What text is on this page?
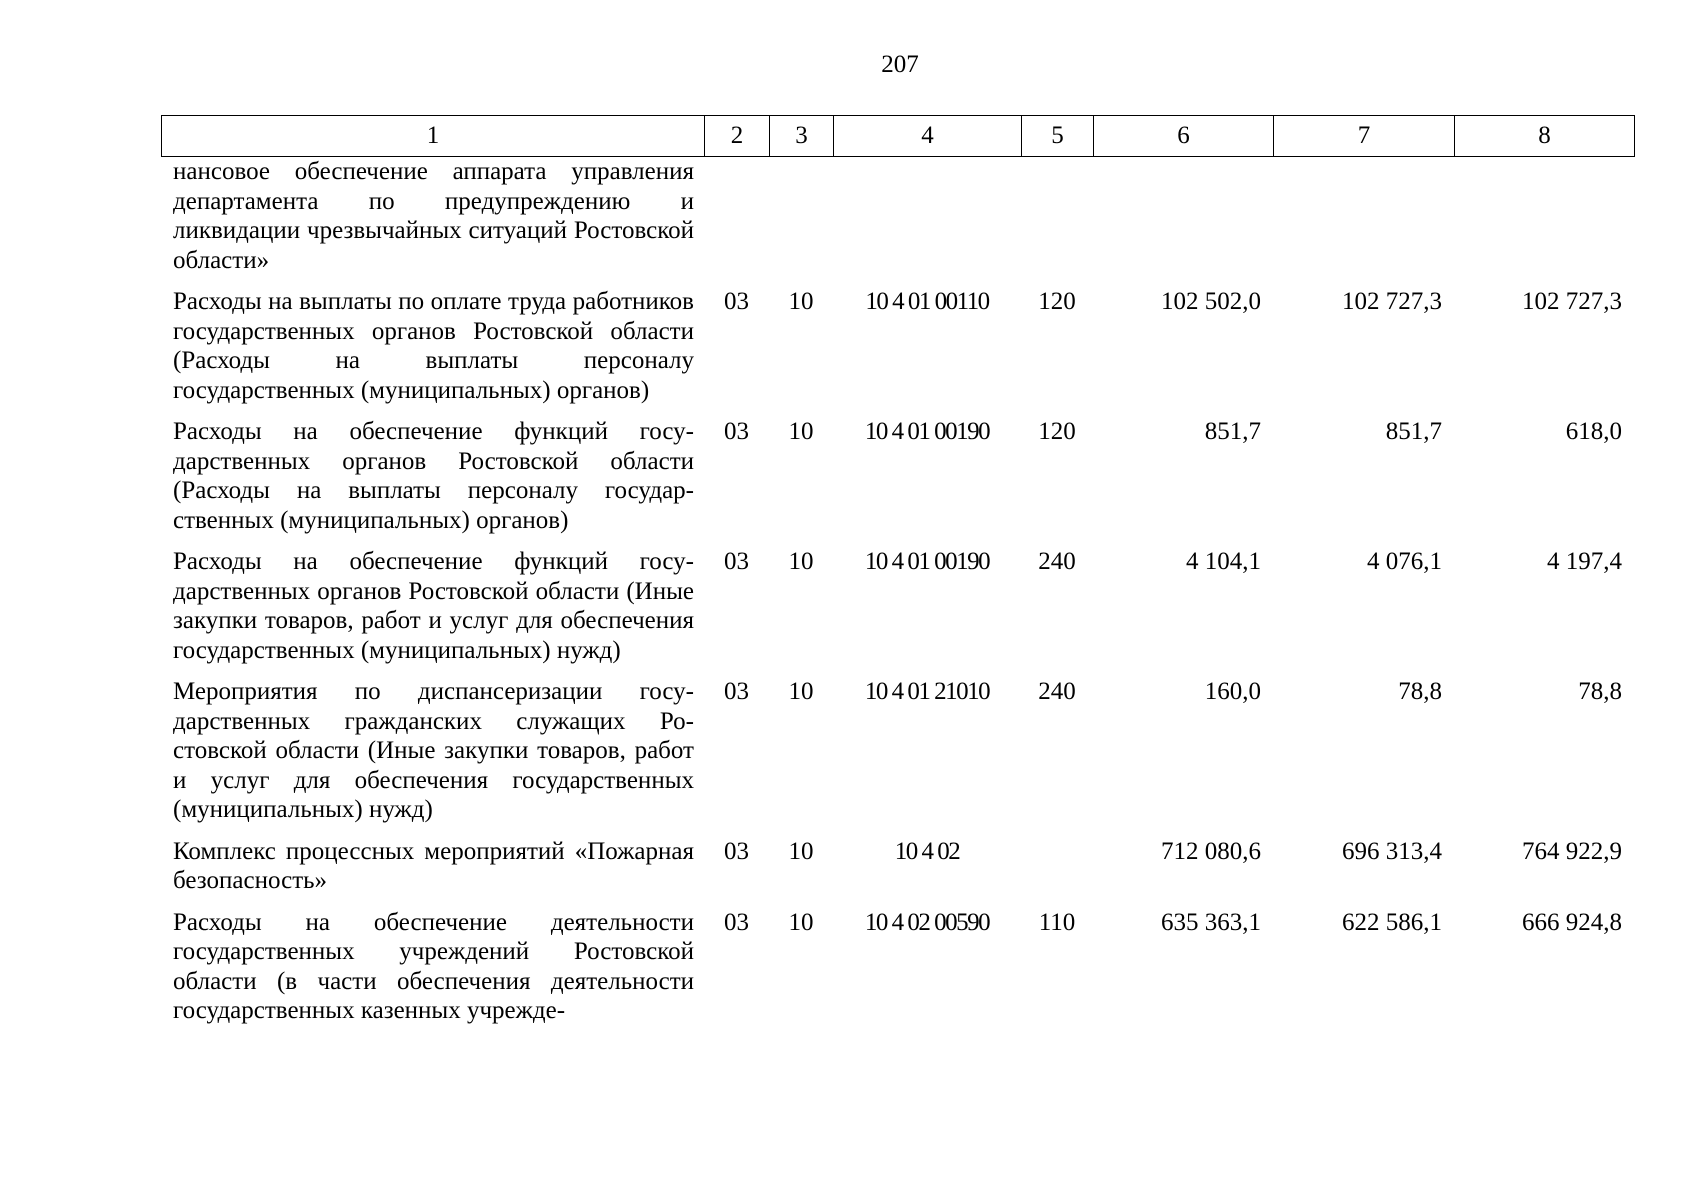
207
1	2	3	4	5	6	7	8
нансовое обеспечение аппарата управления департамента по предупреждению и ликвидации чрезвычайных ситуаций Ростовской области»							
Расходы на выплаты по оплате труда работников государственных органов Ростовской области (Расходы на выплаты персоналу государственных (муниципальных) органов)	03	10	10 4 01 00110	120	102 502,0	102 727,3	102 727,3
Расходы на обеспечение функций государственных органов Ростовской области (Расходы на выплаты персоналу государственных (муниципальных) органов)	03	10	10 4 01 00190	120	851,7	851,7	618,0
Расходы на обеспечение функций государственных органов Ростовской области (Иные закупки товаров, работ и услуг для обеспечения государственных (муниципальных) нужд)	03	10	10 4 01 00190	240	4 104,1	4 076,1	4 197,4
Мероприятия по диспансеризации государственных гражданских служащих Ростовской области (Иные закупки товаров, работ и услуг для обеспечения государственных (муниципальных) нужд)	03	10	10 4 01 21010	240	160,0	78,8	78,8
Комплекс процессных мероприятий «Пожарная безопасность»	03	10	10 4 02		712 080,6	696 313,4	764 922,9
Расходы на обеспечение деятельности государственных учреждений Ростовской области (в части обеспечения деятельности государственных казенных учрежде-	03	10	10 4 02 00590	110	635 363,1	622 586,1	666 924,8
